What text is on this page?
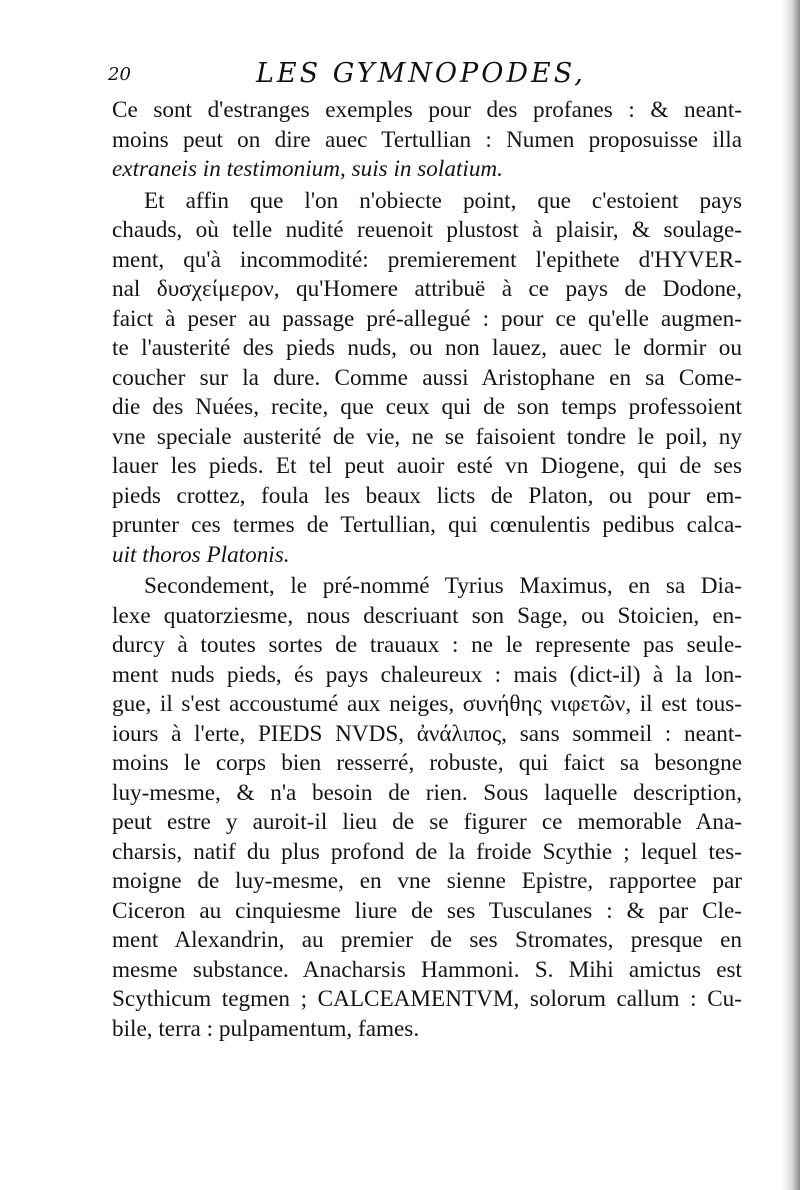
20	LES GYMNOPODES,
Ce sont d'estranges exemples pour des profanes : & neant-
moins peut on dire auec Tertullian : Numen proposuisse illa
extraneis in testimonium, suis in solatium.
Et affin que l'on n'obiecte point, que c'estoient pays
chauds, où telle nudité reuenoit plustost à plaisir, & soulage-
ment, qu'à incommodité: premierement l'epithete d'HYVER-
nal δυσχείμερον, qu'Homere attribuë à ce pays de Dodone,
faict à peser au passage pré-allegué : pour ce qu'elle augmen-
te l'austerité des pieds nuds, ou non lauez, auec le dormir ou
coucher sur la dure. Comme aussi Aristophane en sa Come-
die des Nuées, recite, que ceux qui de son temps professoient
vne speciale austerité de vie, ne se faisoient tondre le poil, ny
lauer les pieds. Et tel peut auoir esté vn Diogene, qui de ses
pieds crottez, foula les beaux licts de Platon, ou pour em-
prunter ces termes de Tertullian, qui cœnulentis pedibus calca-
uit thoros Platonis.
Secondement, le pré-nommé Tyrius Maximus, en sa Dia-
lexe quatorziesme, nous descriuant son Sage, ou Stoicien, en-
durcy à toutes sortes de trauaux : ne le represente pas seule-
ment nuds pieds, és pays chaleureux : mais (dict-il) à la lon-
gue, il s'est accoustumé aux neiges, συνήθης νιφετῶν, il est tous-
iours à l'erte, PIEDS NVDS, ἀνάλιπος, sans sommeil : neant-
moins le corps bien resserré, robuste, qui faict sa besongne
luy-mesme, & n'a besoin de rien. Sous laquelle description,
peut estre y auroit-il lieu de se figurer ce memorable Ana-
charsis, natif du plus profond de la froide Scythie ; lequel tes-
moigne de luy-mesme, en vne sienne Epistre, rapportee par
Ciceron au cinquiesme liure de ses Tusculanes : & par Cle-
ment Alexandrin, au premier de ses Stromates, presque en
mesme substance. Anacharsis Hammoni. S. Mihi amictus est
Scythicum tegmen ; CALCEAMENTVM, solorum callum : Cu-
bile, terra : pulpamentum, fames.
